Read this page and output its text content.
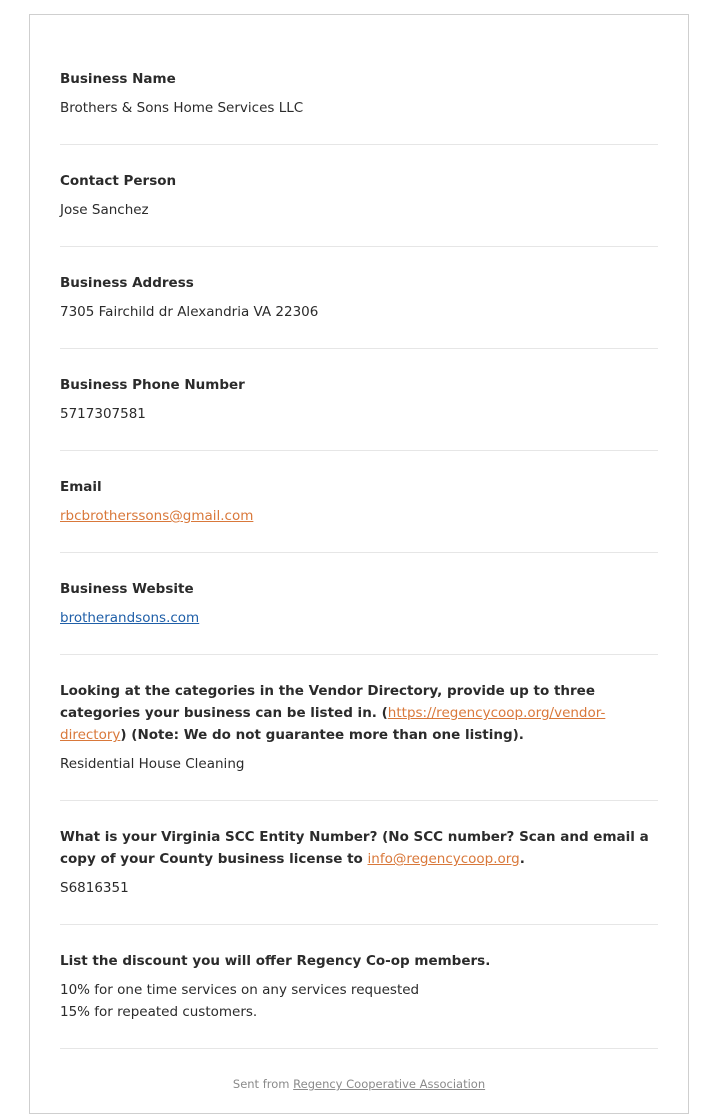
Business Name
Brothers & Sons Home Services LLC
Contact Person
Jose Sanchez
Business Address
7305 Fairchild dr Alexandria VA 22306
Business Phone Number
5717307581
Email
rbcbrotherssons@gmail.com
Business Website
brotherandsons.com
Looking at the categories in the Vendor Directory, provide up to three categories your business can be listed in. (https://regencycoop.org/vendor-directory) (Note: We do not guarantee more than one listing).
Residential House Cleaning
What is your Virginia SCC Entity Number? (No SCC number? Scan and email a copy of your County business license to info@regencycoop.org.
S6816351
List the discount you will offer Regency Co-op members.
10% for one time services on any services requested
15% for repeated customers.
Sent from Regency Cooperative Association
